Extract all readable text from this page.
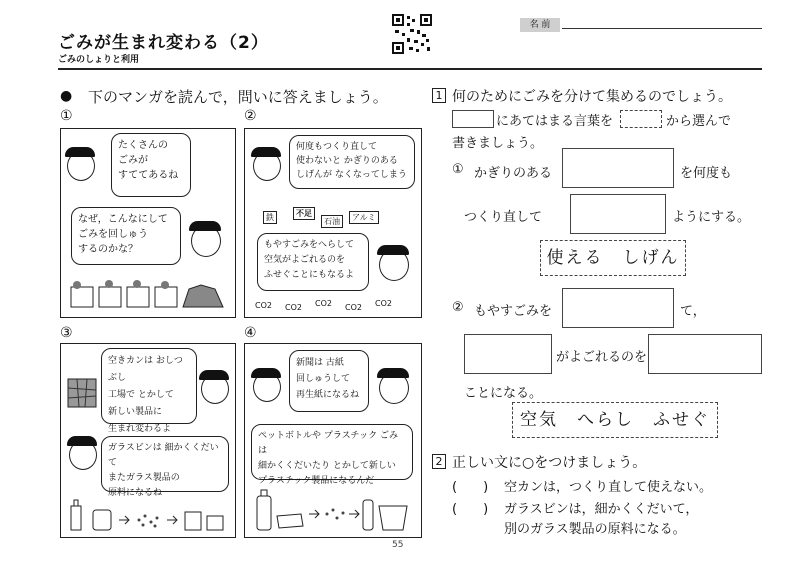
ごみが生まれ変わる（2）
ごみのしょりと利用
名 前
● 下のマンガを読んで，問いに答えましょう。
①	②
③	④
たくさんの
ごみが
すててあるね
なぜ，こんなにして
ごみを回しゅう
するのかな？
何度もつくり直して
使わないと かぎりのある
しげんが なくなってしまう
鉄	不足
石油	アルミ
もやすごみをへらして
空気がよごれるのを
ふせぐことにもなるよ
CO2 CO2 CO2 CO2 CO2
空きカンは おしつぶし
工場で とかして
新しい製品に
生まれ変わるよ
ガラスビンは 細かくくだいて
またガラス製品の
原料になるね
新聞は 古紙
回しゅうして
再生紙になるね
ペットボトルや プラスチック ごみは
細かくくだいたり とかして新しい
プラスチック製品になるんだ
1 何のためにごみを分けて集めるのでしょう。
にあてはまる言葉を	から選んで
書きましょう。
① かぎりのある	を何度も
つくり直して	ようにする。
使える　しげん
② もやすごみを	て，
がよごれるのを
ことになる。
空気　へらし　ふせぐ
2 正しい文に○をつけましょう。
(　　) 空カンは，つくり直して使えない。
(　　) ガラスビンは，細かくくだいて，
別のガラス製品の原料になる。
55
